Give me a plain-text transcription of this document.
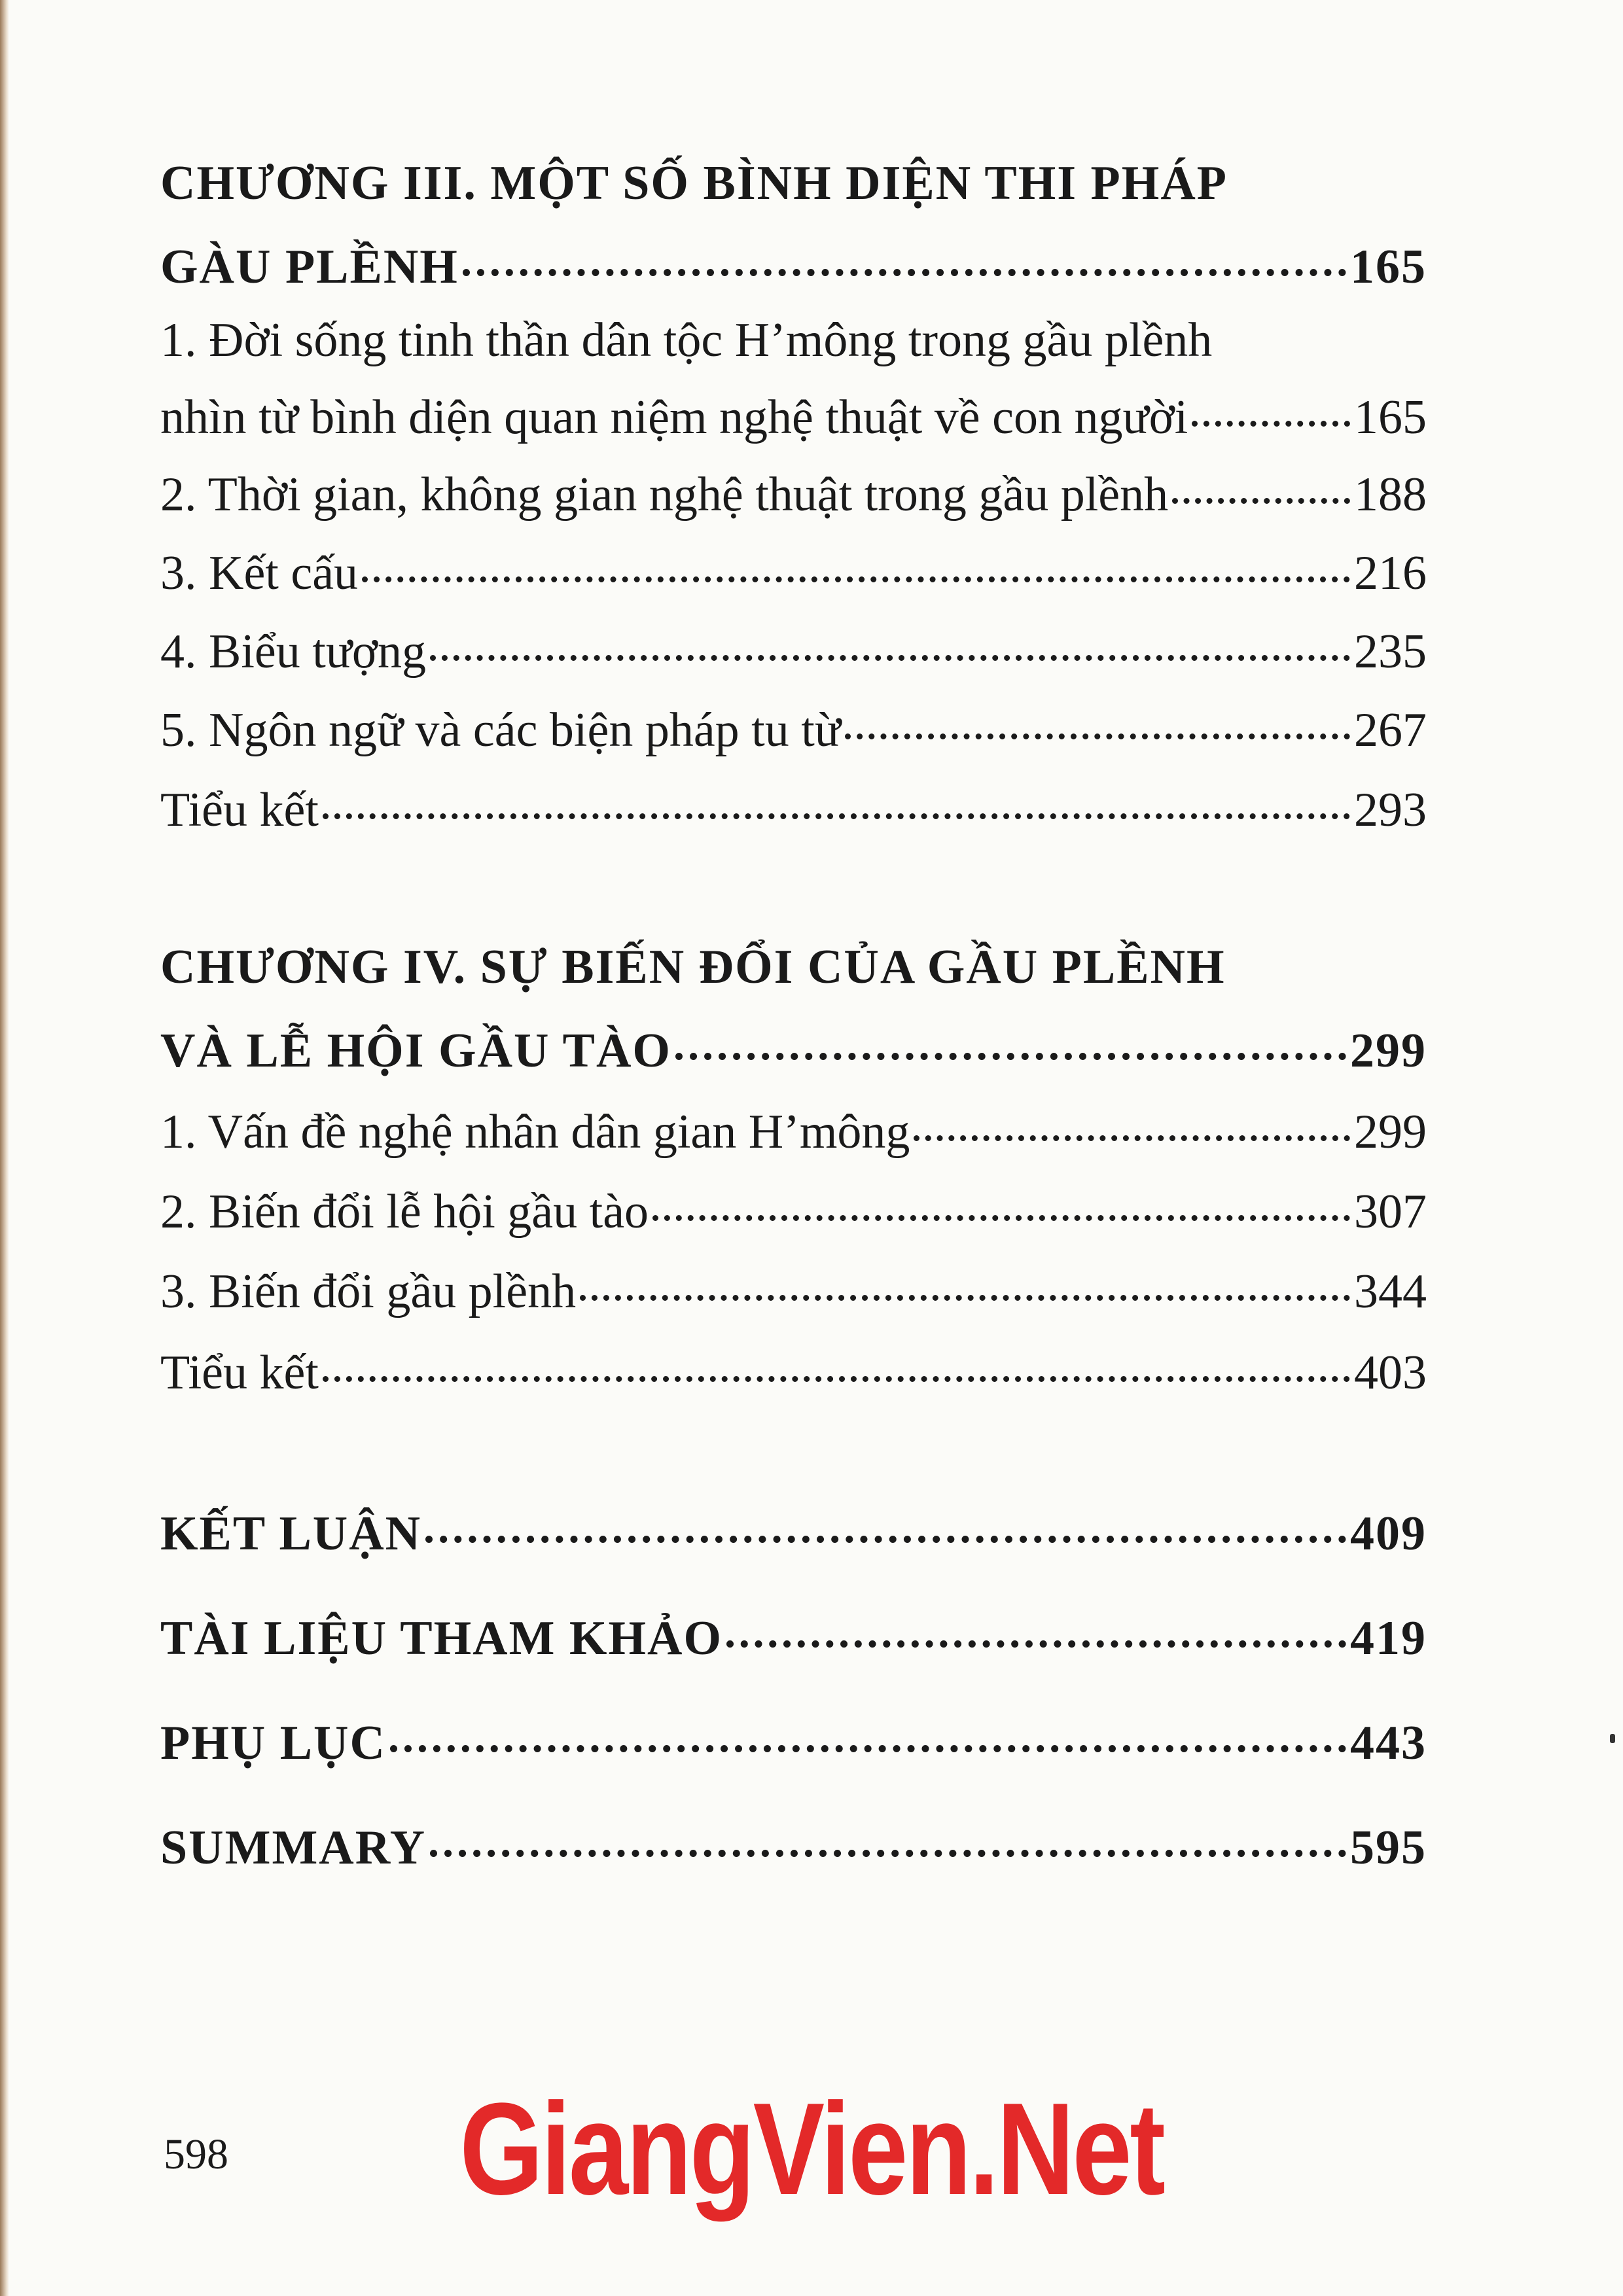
CHƯƠNG III. MỘT SỐ BÌNH DIỆN THI PHÁP
GÀU PLỀNH	165
1. Đời sống tinh thần dân tộc H’mông trong gầu plềnh
nhìn từ bình diện quan niệm nghệ thuật về con người	165
2. Thời gian, không gian nghệ thuật trong gầu plềnh	188
3. Kết cấu	216
4. Biểu tượng	235
5. Ngôn ngữ và các biện pháp tu từ	267
Tiểu kết	293
CHƯƠNG IV. SỰ BIẾN ĐỔI CỦA GẦU PLỀNH
VÀ LỄ HỘI GẦU TÀO	299
1. Vấn đề nghệ nhân dân gian H’mông	299
2. Biến đổi lễ hội gầu tào	307
3. Biến đổi gầu plềnh	344
Tiểu kết	403
KẾT LUẬN	409
TÀI LIỆU THAM KHẢO	419
PHỤ LỤC	443
SUMMARY	595
598	GiangVien.Net
